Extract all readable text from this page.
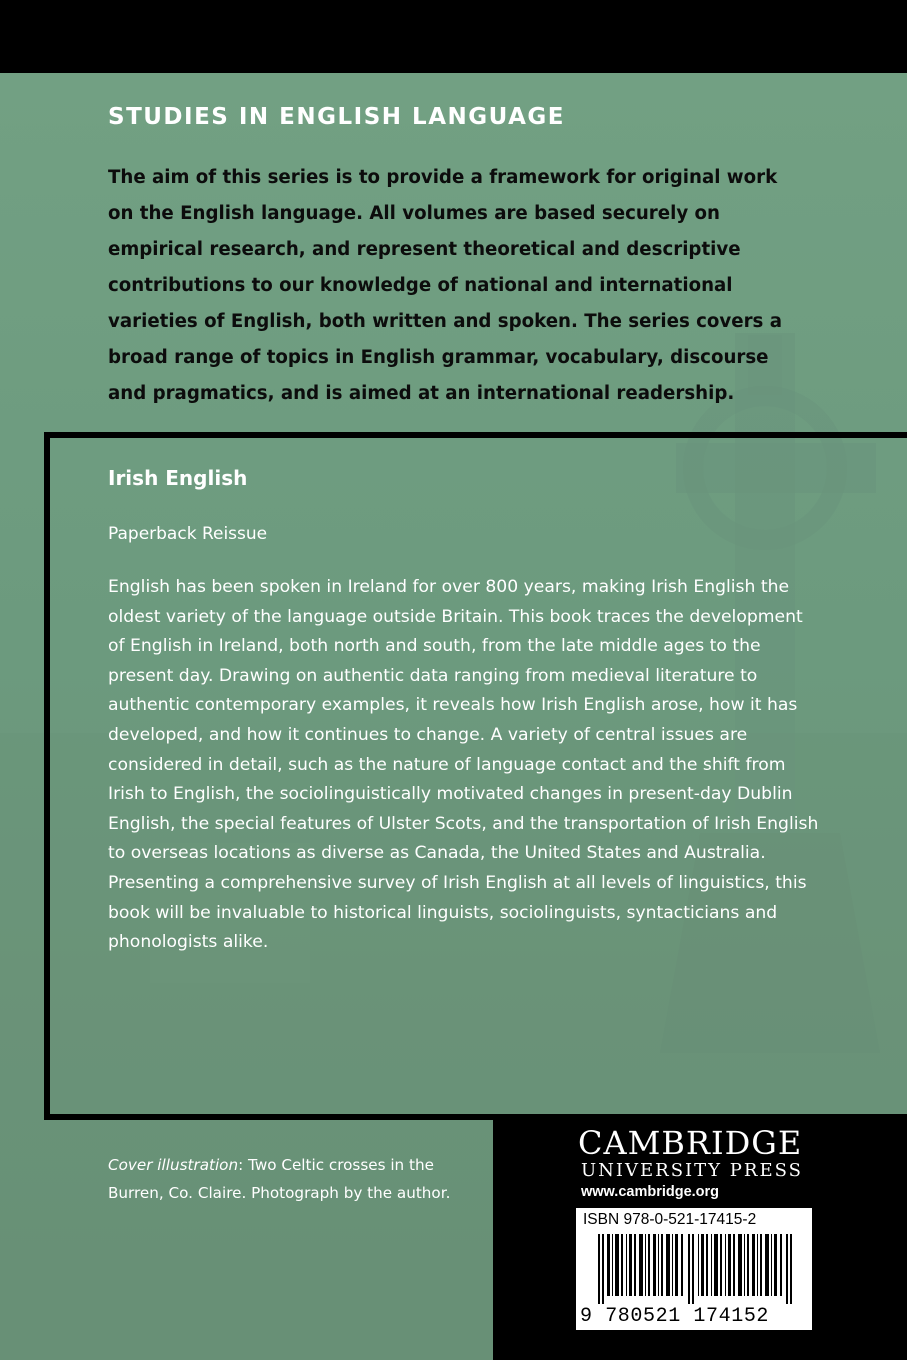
STUDIES IN ENGLISH LANGUAGE

The aim of this series is to provide a framework for original work on the English language. All volumes are based securely on empirical research, and represent theoretical and descriptive contributions to our knowledge of national and international varieties of English, both written and spoken. The series covers a broad range of topics in English grammar, vocabulary, discourse and pragmatics, and is aimed at an international readership.

Irish English
Paperback Reissue

English has been spoken in Ireland for over 800 years, making Irish English the oldest variety of the language outside Britain. This book traces the development of English in Ireland, both north and south, from the late middle ages to the present day. Drawing on authentic data ranging from medieval literature to authentic contemporary examples, it reveals how Irish English arose, how it has developed, and how it continues to change. A variety of central issues are considered in detail, such as the nature of language contact and the shift from Irish to English, the sociolinguistically motivated changes in present-day Dublin English, the special features of Ulster Scots, and the transportation of Irish English to overseas locations as diverse as Canada, the United States and Australia. Presenting a comprehensive survey of Irish English at all levels of linguistics, this book will be invaluable to historical linguists, sociolinguists, syntacticians and phonologists alike.

Cover illustration: Two Celtic crosses in the Burren, Co. Claire. Photograph by the author.

CAMBRIDGE
UNIVERSITY PRESS
www.cambridge.org
ISBN 978-0-521-17415-2
9 780521 174152
